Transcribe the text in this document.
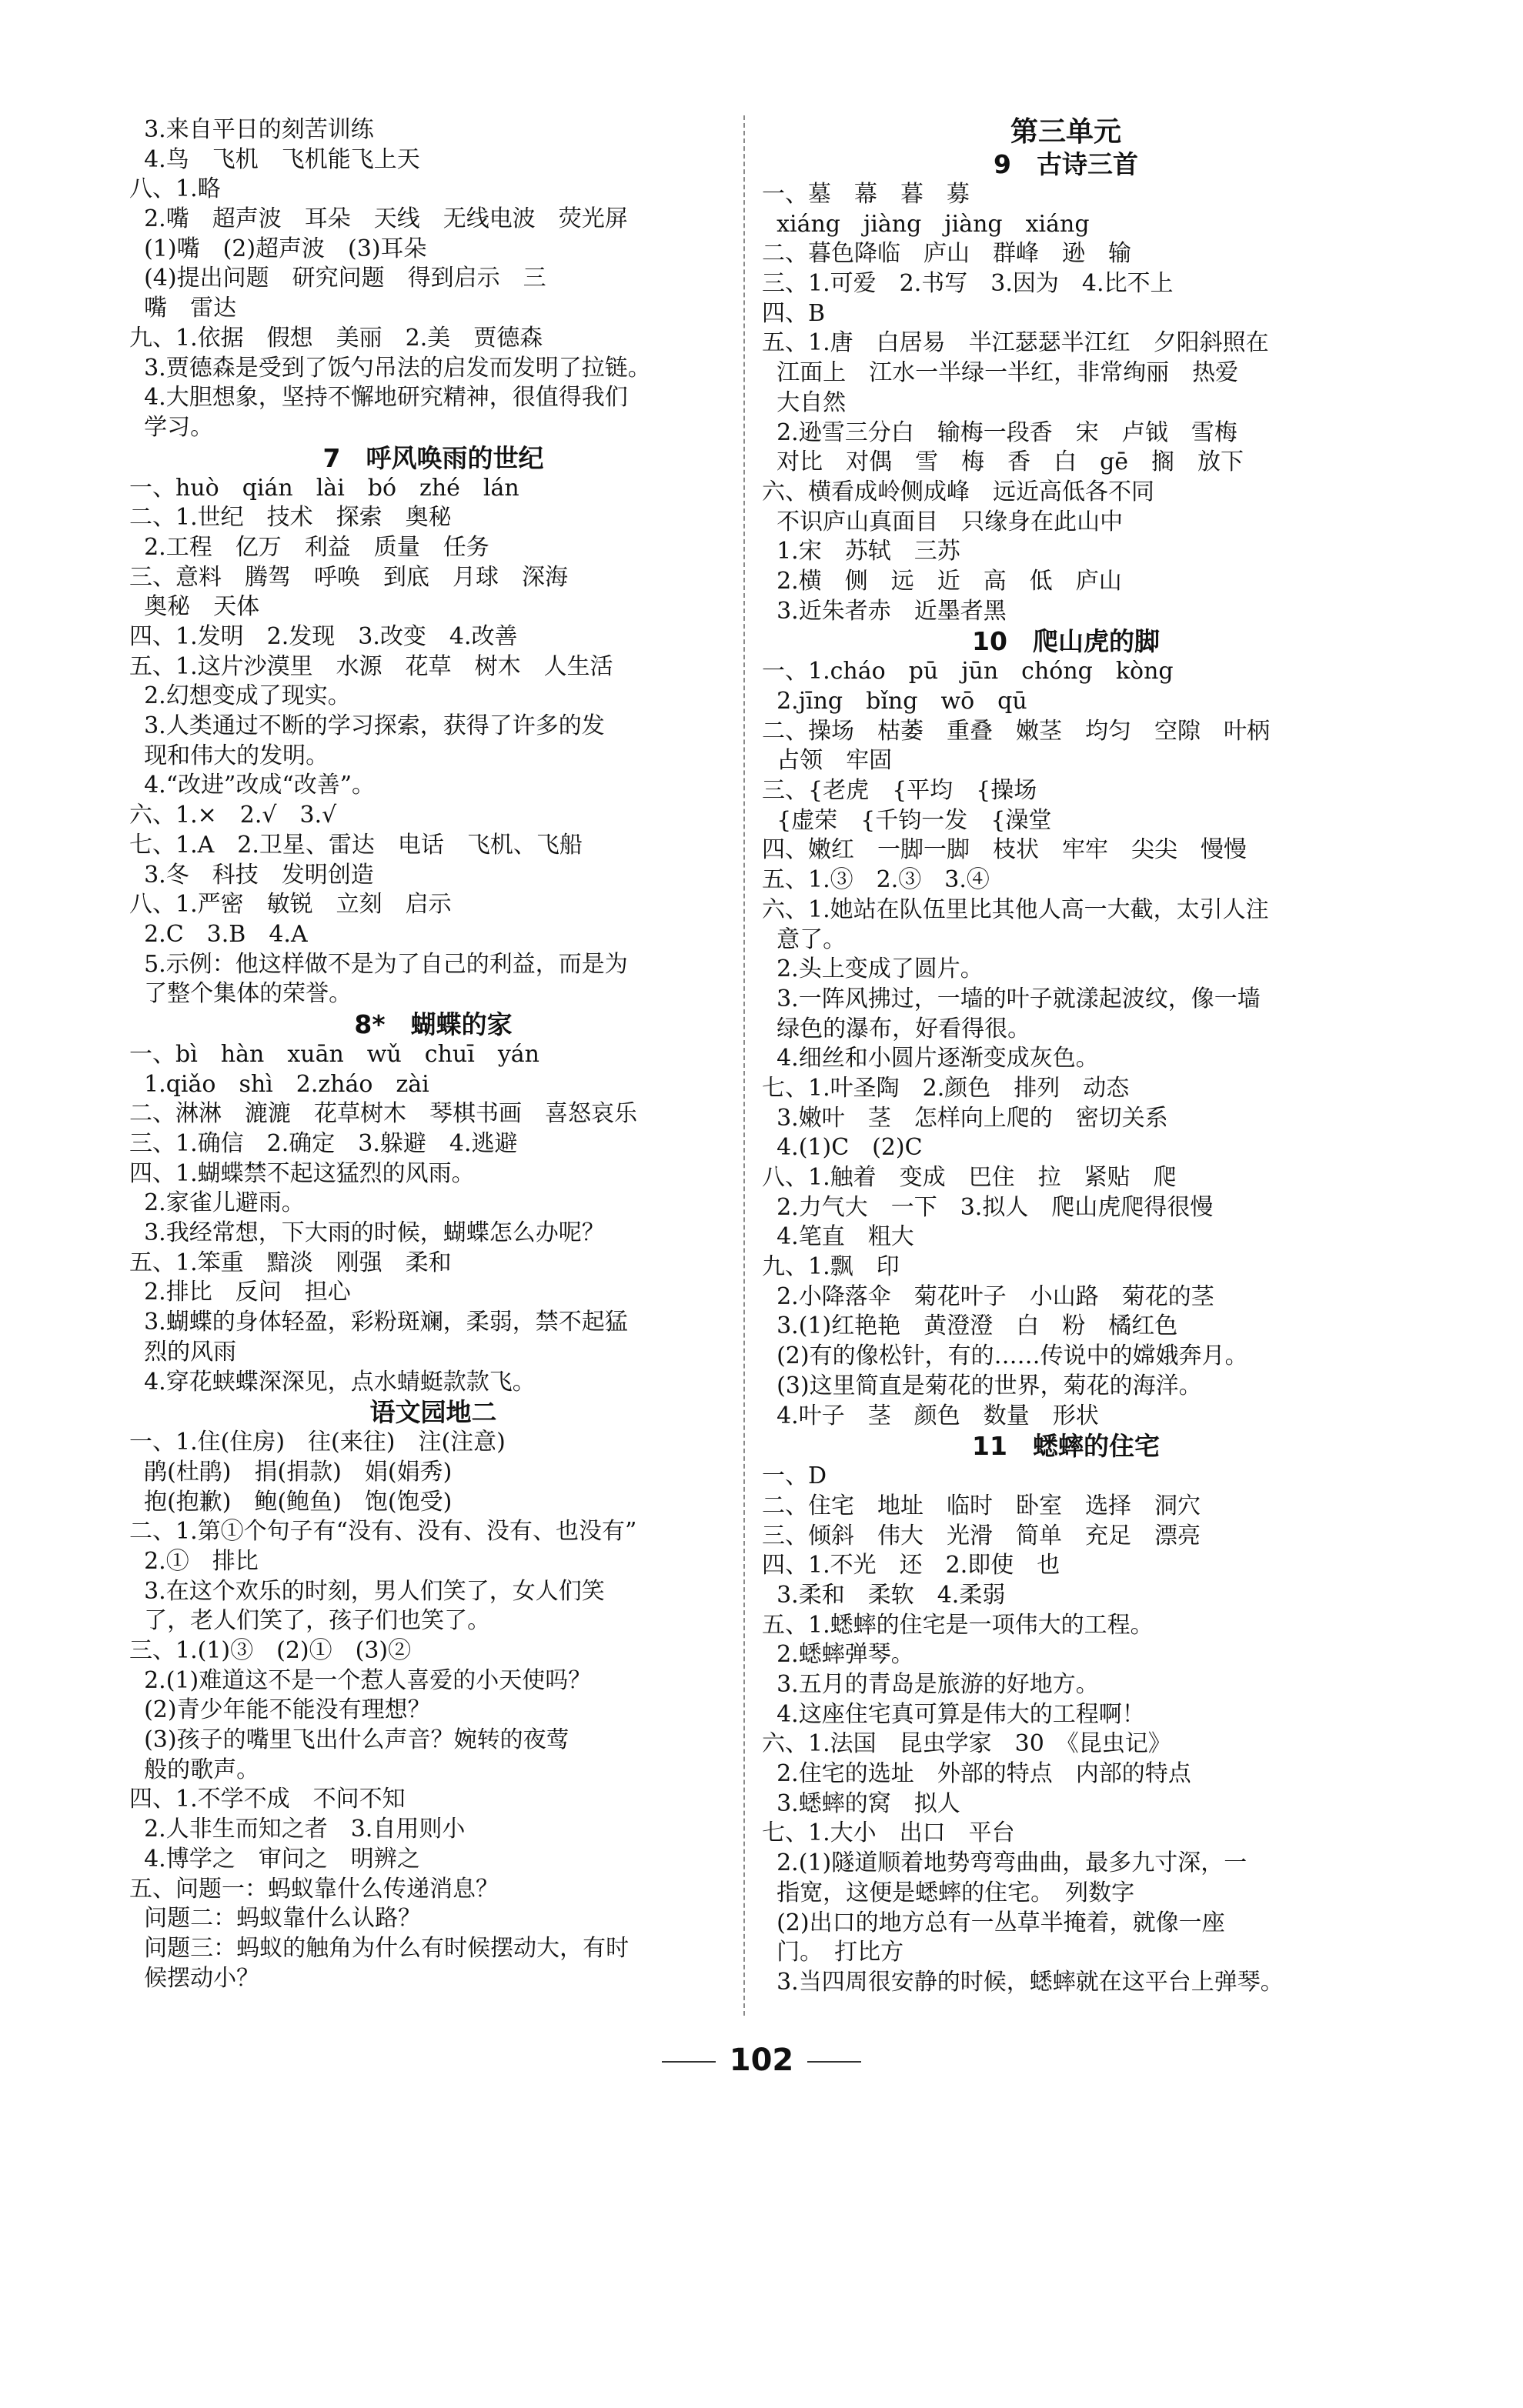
3.来自平日的刻苦训练
4.鸟　飞机　飞机能飞上天
八、1.略
2.嘴　超声波　耳朵　天线　无线电波　荧光屏
(1)嘴　(2)超声波　(3)耳朵
(4)提出问题　研究问题　得到启示　三
嘴　雷达
九、1.依据　假想　美丽　2.美　贾德森
3.贾德森是受到了饭勺吊法的启发而发明了拉链。
4.大胆想象，坚持不懈地研究精神，很值得我们
学习。
7　呼风唤雨的世纪
一、huò　qián　lài　bó　zhé　lán
二、1.世纪　技术　探索　奥秘
2.工程　亿万　利益　质量　任务
三、意料　腾驾　呼唤　到底　月球　深海
奥秘　天体
四、1.发明　2.发现　3.改变　4.改善
五、1.这片沙漠里　水源　花草　树木　人生活
2.幻想变成了现实。
3.人类通过不断的学习探索，获得了许多的发
现和伟大的发明。
4.“改进”改成“改善”。
六、1.×　2.√　3.√
七、1.A　2.卫星、雷达　电话　飞机、飞船
3.冬　科技　发明创造
八、1.严密　敏锐　立刻　启示
2.C　3.B　4.A
5.示例：他这样做不是为了自己的利益，而是为
了整个集体的荣誉。
8*　蝴蝶的家
一、bì　hàn　xuān　wǔ　chuī　yán
1.qiǎo　shì　2.zháo　zài
二、淋淋　漉漉　花草树木　琴棋书画　喜怒哀乐
三、1.确信　2.确定　3.躲避　4.逃避
四、1.蝴蝶禁不起这猛烈的风雨。
2.家雀儿避雨。
3.我经常想，下大雨的时候，蝴蝶怎么办呢？
五、1.笨重　黯淡　刚强　柔和
2.排比　反问　担心
3.蝴蝶的身体轻盈，彩粉斑斓，柔弱，禁不起猛
烈的风雨
4.穿花蛱蝶深深见，点水蜻蜓款款飞。
语文园地二
一、1.住(住房)　往(来往)　注(注意)
鹃(杜鹃)　捐(捐款)　娟(娟秀)
抱(抱歉)　鲍(鲍鱼)　饱(饱受)
二、1.第①个句子有“没有、没有、没有、也没有”
2.①　排比
3.在这个欢乐的时刻，男人们笑了，女人们笑
了，老人们笑了，孩子们也笑了。
三、1.(1)③　(2)①　(3)②
2.(1)难道这不是一个惹人喜爱的小天使吗？
(2)青少年能不能没有理想？
(3)孩子的嘴里飞出什么声音？婉转的夜莺
般的歌声。
四、1.不学不成　不问不知
2.人非生而知之者　3.自用则小
4.博学之　审问之　明辨之
五、问题一：蚂蚁靠什么传递消息？
问题二：蚂蚁靠什么认路？
问题三：蚂蚁的触角为什么有时候摆动大，有时
候摆动小？
第三单元
9　古诗三首
一、墓　幕　暮　募
xiáng　jiàng　jiàng　xiáng
二、暮色降临　庐山　群峰　逊　输
三、1.可爱　2.书写　3.因为　4.比不上
四、B
五、1.唐　白居易　半江瑟瑟半江红　夕阳斜照在
江面上　江水一半绿一半红，非常绚丽　热爱
大自然
2.逊雪三分白　输梅一段香　宋　卢钺　雪梅
对比　对偶　雪　梅　香　白　gē　搁　放下
六、横看成岭侧成峰　远近高低各不同
不识庐山真面目　只缘身在此山中
1.宋　苏轼　三苏
2.横　侧　远　近　高　低　庐山
3.近朱者赤　近墨者黑
10　爬山虎的脚
一、1.cháo　pū　jūn　chóng　kòng
2.jīng　bǐng　wō　qū
二、操场　枯萎　重叠　嫩茎　均匀　空隙　叶柄
占领　牢固
三、{老虎　{平均　{操场
{虚荣　{千钧一发　{澡堂
四、嫩红　一脚一脚　枝状　牢牢　尖尖　慢慢
五、1.③　2.③　3.④
六、1.她站在队伍里比其他人高一大截，太引人注
意了。
2.头上变成了圆片。
3.一阵风拂过，一墙的叶子就漾起波纹，像一墙
绿色的瀑布，好看得很。
4.细丝和小圆片逐渐变成灰色。
七、1.叶圣陶　2.颜色　排列　动态
3.嫩叶　茎　怎样向上爬的　密切关系
4.(1)C　(2)C
八、1.触着　变成　巴住　拉　紧贴　爬
2.力气大　一下　3.拟人　爬山虎爬得很慢
4.笔直　粗大
九、1.飘　印
2.小降落伞　菊花叶子　小山路　菊花的茎
3.(1)红艳艳　黄澄澄　白　粉　橘红色
(2)有的像松针，有的……传说中的嫦娥奔月。
(3)这里简直是菊花的世界，菊花的海洋。
4.叶子　茎　颜色　数量　形状
11　蟋蟀的住宅
一、D
二、住宅　地址　临时　卧室　选择　洞穴
三、倾斜　伟大　光滑　简单　充足　漂亮
四、1.不光　还　2.即使　也
3.柔和　柔软　4.柔弱
五、1.蟋蟀的住宅是一项伟大的工程。
2.蟋蟀弹琴。
3.五月的青岛是旅游的好地方。
4.这座住宅真可算是伟大的工程啊！
六、1.法国　昆虫学家　30　《昆虫记》
2.住宅的选址　外部的特点　内部的特点
3.蟋蟀的窝　拟人
七、1.大小　出口　平台
2.(1)隧道顺着地势弯弯曲曲，最多九寸深，一
指宽，这便是蟋蟀的住宅。　列数字
(2)出口的地方总有一丛草半掩着，就像一座
门。　打比方
3.当四周很安静的时候，蟋蟀就在这平台上弹琴。
102
